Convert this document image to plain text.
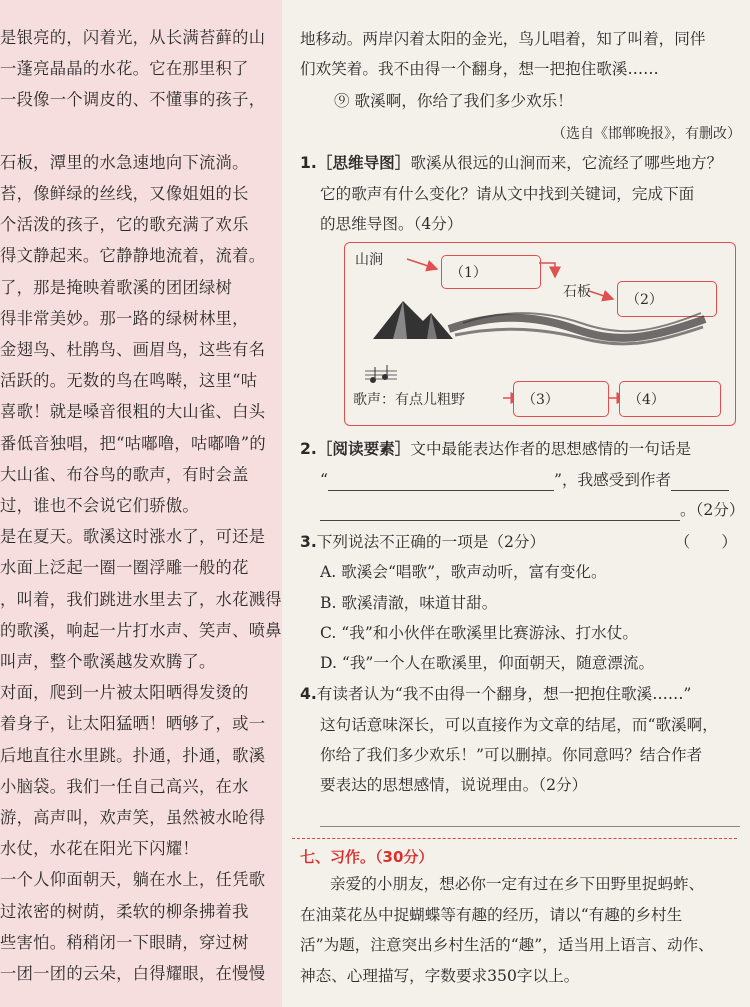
是银亮的，闪着光，从长满苔藓的山
一蓬亮晶晶的水花。它在那里积了
一段像一个调皮的、不懂事的孩子，
石板，潭里的水急速地向下流淌。
苔，像鲜绿的丝线，又像姐姐的长
个活泼的孩子，它的歌充满了欢乐
得文静起来。它静静地流着，流着。
了，那是掩映着歌溪的团团绿树
得非常美妙。那一路的绿树林里，
金翅鸟、杜鹃鸟、画眉鸟，这些有名
活跃的。无数的鸟在鸣啭，这里“咕
喜歌！就是嗓音很粗的大山雀、白头
番低音独唱，把“咕嘟噜，咕嘟噜”的
大山雀、布谷鸟的歌声，有时会盖
过，谁也不会说它们骄傲。
是在夏天。歌溪这时涨水了，可还是
水面上泛起一圈一圈浮雕一般的花
，叫着，我们跳进水里去了，水花溅得
的歌溪，响起一片打水声、笑声、喷鼻
叫声，整个歌溪越发欢腾了。
对面，爬到一片被太阳晒得发烫的
着身子，让太阳猛晒！晒够了，或一
后地直往水里跳。扑通，扑通，歌溪
小脑袋。我们一任自己高兴，在水
游，高声叫，欢声笑，虽然被水呛得
水仗，水花在阳光下闪耀！
一个人仰面朝天，躺在水上，任凭歌
过浓密的树荫，柔软的柳条拂着我
些害怕。稍稍闭一下眼睛，穿过树
一团一团的云朵，白得耀眼，在慢慢
地移动。两岸闪着太阳的金光，鸟儿唱着，知了叫着，同伴
们欢笑着。我不由得一个翻身，想一把抱住歌溪……
⑨ 歌溪啊，你给了我们多少欢乐！
（选自《邯郸晚报》，有删改）
1.［思维导图］歌溪从很远的山涧而来，它流经了哪些地方？
它的歌声有什么变化？请从文中找到关键词，完成下面
的思维导图。（4分）
山涧
（1）
石板	（2）
歌声：有点儿粗野	（3）	（4）
2.［阅读要素］文中最能表达作者的思想感情的一句话是
“	”，我感受到作者
。（2分）
3.下列说法不正确的一项是（2分）	（　　）
A. 歌溪会“唱歌”，歌声动听，富有变化。
B. 歌溪清澈，味道甘甜。
C. “我”和小伙伴在歌溪里比赛游泳、打水仗。
D. “我”一个人在歌溪里，仰面朝天，随意漂流。
4.有读者认为“我不由得一个翻身，想一把抱住歌溪……”
这句话意味深长，可以直接作为文章的结尾，而“歌溪啊，
你给了我们多少欢乐！”可以删掉。你同意吗？结合作者
要表达的思想感情，说说理由。（2分）
七、习作。（30分）
亲爱的小朋友，想必你一定有过在乡下田野里捉蚂蚱、
在油菜花丛中捉蝴蝶等有趣的经历，请以“有趣的乡村生
活”为题，注意突出乡村生活的“趣”，适当用上语言、动作、
神态、心理描写，字数要求350字以上。
